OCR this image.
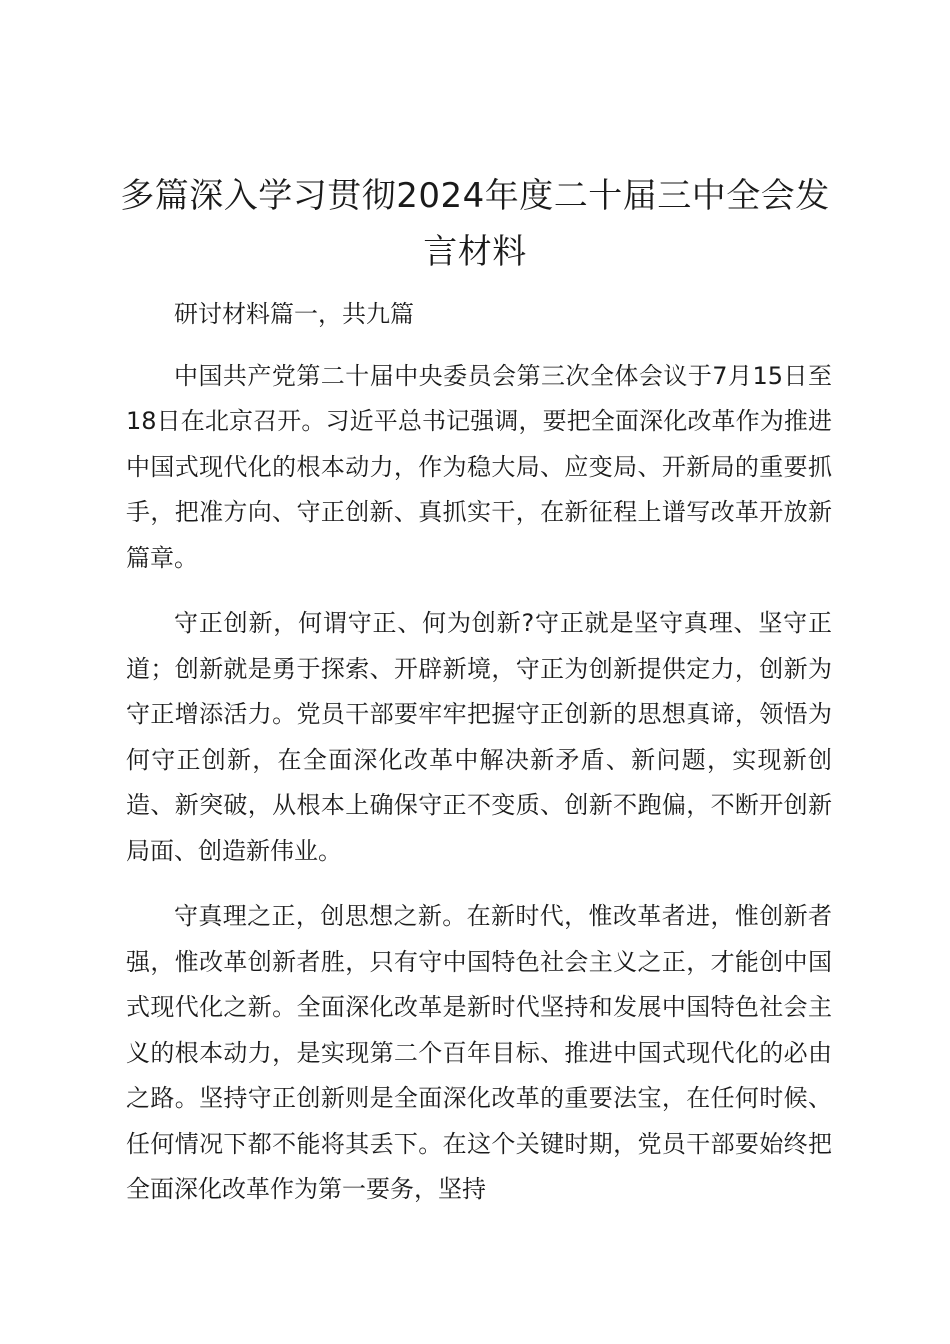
多篇深入学习贯彻2024年度二十届三中全会发言材料

研讨材料篇一，共九篇

中国共产党第二十届中央委员会第三次全体会议于7月15日至18日在北京召开。习近平总书记强调，要把全面深化改革作为推进中国式现代化的根本动力，作为稳大局、应变局、开新局的重要抓手，把准方向、守正创新、真抓实干，在新征程上谱写改革开放新篇章。

守正创新，何谓守正、何为创新?守正就是坚守真理、坚守正道；创新就是勇于探索、开辟新境，守正为创新提供定力，创新为守正增添活力。党员干部要牢牢把握守正创新的思想真谛，领悟为何守正创新，在全面深化改革中解决新矛盾、新问题，实现新创造、新突破，从根本上确保守正不变质、创新不跑偏，不断开创新局面、创造新伟业。

守真理之正，创思想之新。在新时代，惟改革者进，惟创新者强，惟改革创新者胜，只有守中国特色社会主义之正，才能创中国式现代化之新。全面深化改革是新时代坚持和发展中国特色社会主义的根本动力，是实现第二个百年目标、推进中国式现代化的必由之路。坚持守正创新则是全面深化改革的重要法宝，在任何时候、任何情况下都不能将其丢下。在这个关键时期，党员干部要始终把全面深化改革作为第一要务，坚持
